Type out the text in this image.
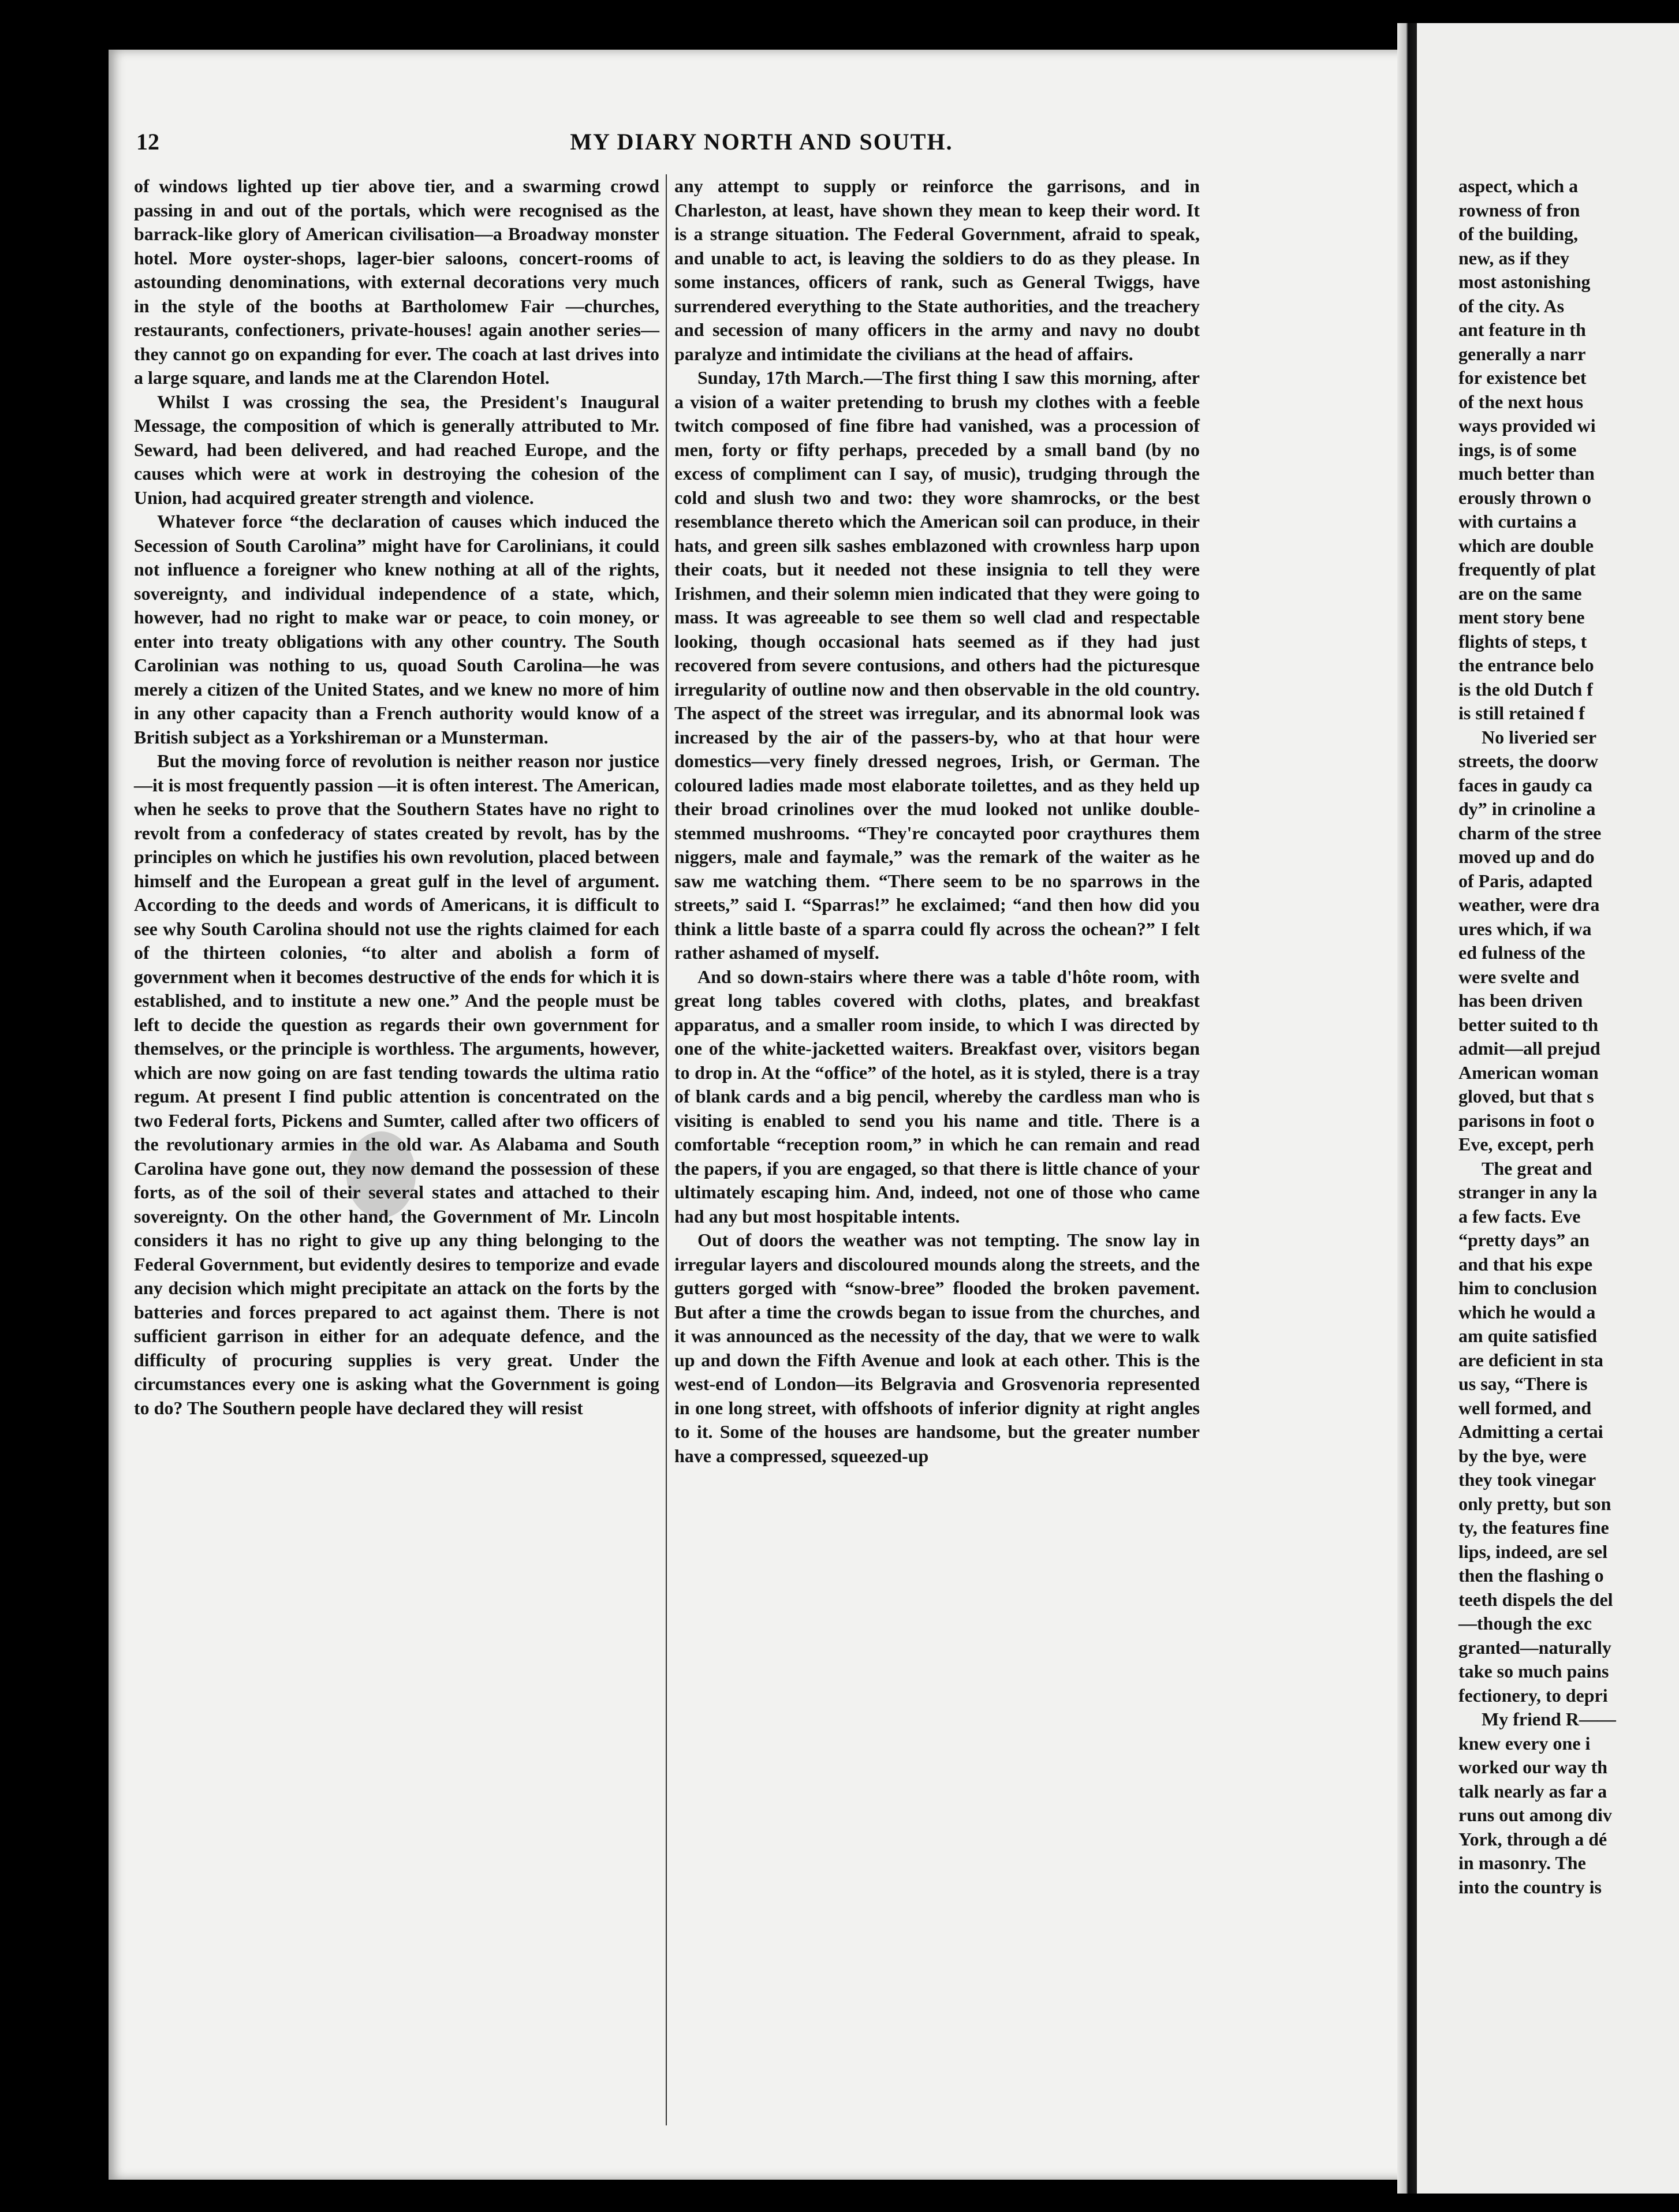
12	MY DIARY NORTH AND SOUTH.

of windows lighted up tier above tier, and a swarming crowd passing in and out of the portals, which were recognised as the barrack-like glory of American civilisation—a Broadway monster hotel. More oyster-shops, lager-bier saloons, concert-rooms of astounding denominations, with external decorations very much in the style of the booths at Bartholomew Fair —churches, restaurants, confectioners, private-houses! again another series—they cannot go on expanding for ever. The coach at last drives into a large square, and lands me at the Clarendon Hotel.

Whilst I was crossing the sea, the President's Inaugural Message, the composition of which is generally attributed to Mr. Seward, had been delivered, and had reached Europe, and the causes which were at work in destroying the cohesion of the Union, had acquired greater strength and violence.

Whatever force “the declaration of causes which induced the Secession of South Carolina” might have for Carolinians, it could not influence a foreigner who knew nothing at all of the rights, sovereignty, and individual independence of a state, which, however, had no right to make war or peace, to coin money, or enter into treaty obligations with any other country. The South Carolinian was nothing to us, quoad South Carolina—he was merely a citizen of the United States, and we knew no more of him in any other capacity than a French authority would know of a British subject as a Yorkshireman or a Munsterman.

But the moving force of revolution is neither reason nor justice—it is most frequently passion —it is often interest. The American, when he seeks to prove that the Southern States have no right to revolt from a confederacy of states created by revolt, has by the principles on which he justifies his own revolution, placed between himself and the European a great gulf in the level of argument. According to the deeds and words of Americans, it is difficult to see why South Carolina should not use the rights claimed for each of the thirteen colonies, “to alter and abolish a form of government when it becomes destructive of the ends for which it is established, and to institute a new one.” And the people must be left to decide the question as regards their own government for themselves, or the principle is worthless. The arguments, however, which are now going on are fast tending towards the ultima ratio regum. At present I find public attention is concentrated on the two Federal forts, Pickens and Sumter, called after two officers of the revolutionary armies in the old war. As Alabama and South Carolina have gone out, they now demand the possession of these forts, as of the soil of their several states and attached to their sovereignty. On the other hand, the Government of Mr. Lincoln considers it has no right to give up any thing belonging to the Federal Government, but evidently desires to temporize and evade any decision which might precipitate an attack on the forts by the batteries and forces prepared to act against them. There is not sufficient garrison in either for an adequate defence, and the difficulty of procuring supplies is very great. Under the circumstances every one is asking what the Government is going to do? The Southern people have declared they will resist

any attempt to supply or reinforce the garrisons, and in Charleston, at least, have shown they mean to keep their word. It is a strange situation. The Federal Government, afraid to speak, and unable to act, is leaving the soldiers to do as they please. In some instances, officers of rank, such as General Twiggs, have surrendered everything to the State authorities, and the treachery and secession of many officers in the army and navy no doubt paralyze and intimidate the civilians at the head of affairs.

Sunday, 17th March.—The first thing I saw this morning, after a vision of a waiter pretending to brush my clothes with a feeble twitch composed of fine fibre had vanished, was a procession of men, forty or fifty perhaps, preceded by a small band (by no excess of compliment can I say, of music), trudging through the cold and slush two and two: they wore shamrocks, or the best resemblance thereto which the American soil can produce, in their hats, and green silk sashes emblazoned with crownless harp upon their coats, but it needed not these insignia to tell they were Irishmen, and their solemn mien indicated that they were going to mass. It was agreeable to see them so well clad and respectable looking, though occasional hats seemed as if they had just recovered from severe contusions, and others had the picturesque irregularity of outline now and then observable in the old country. The aspect of the street was irregular, and its abnormal look was increased by the air of the passers-by, who at that hour were domestics—very finely dressed negroes, Irish, or German. The coloured ladies made most elaborate toilettes, and as they held up their broad crinolines over the mud looked not unlike double-stemmed mushrooms. “They're concayted poor craythures them niggers, male and faymale,” was the remark of the waiter as he saw me watching them. “There seem to be no sparrows in the streets,” said I. “Sparras!” he exclaimed; “and then how did you think a little baste of a sparra could fly across the ochean?” I felt rather ashamed of myself.

And so down-stairs where there was a table d'hôte room, with great long tables covered with cloths, plates, and breakfast apparatus, and a smaller room inside, to which I was directed by one of the white-jacketted waiters. Breakfast over, visitors began to drop in. At the “office” of the hotel, as it is styled, there is a tray of blank cards and a big pencil, whereby the cardless man who is visiting is enabled to send you his name and title. There is a comfortable “reception room,” in which he can remain and read the papers, if you are engaged, so that there is little chance of your ultimately escaping him. And, indeed, not one of those who came had any but most hospitable intents.

Out of doors the weather was not tempting. The snow lay in irregular layers and discoloured mounds along the streets, and the gutters gorged with “snow-bree” flooded the broken pavement. But after a time the crowds began to issue from the churches, and it was announced as the necessity of the day, that we were to walk up and down the Fifth Avenue and look at each other. This is the west-end of London—its Belgravia and Grosvenoria represented in one long street, with offshoots of inferior dignity at right angles to it. Some of the houses are handsome, but the greater number have a compressed, squeezed-up

aspect, which a
rowness of fron
of the building,
new, as if they
most astonishing
of the city. As
ant feature in th
generally a narr
for existence bet
of the next hous
ways provided wi
ings, is of some
much better than
erously thrown o
with curtains a
which are double
frequently of plat
are on the same
ment story bene
flights of steps, t
the entrance belo
is the old Dutch f
is still retained f
No liveried ser
streets, the doorw
faces in gaudy ca
dy” in crinoline a
charm of the stree
moved up and do
of Paris, adapted
weather, were dra
ures which, if wa
ed fulness of the
were svelte and
has been driven
better suited to th
admit—all prejud
American woman
gloved, but that s
parisons in foot o
Eve, except, perh
The great and
stranger in any la
a few facts. Eve
“pretty days” an
and that his expe
him to conclusion
which he would a
am quite satisfied
are deficient in sta
us say, “There is
well formed, and
Admitting a certai
by the bye, were
they took vinegar
only pretty, but son
ty, the features fine
lips, indeed, are sel
then the flashing o
teeth dispels the del
—though the exc
granted—naturally
take so much pains
fectionery, to depri
My friend R——
knew every one i
worked our way th
talk nearly as far a
runs out among div
York, through a dé
in masonry. The
into the country is
